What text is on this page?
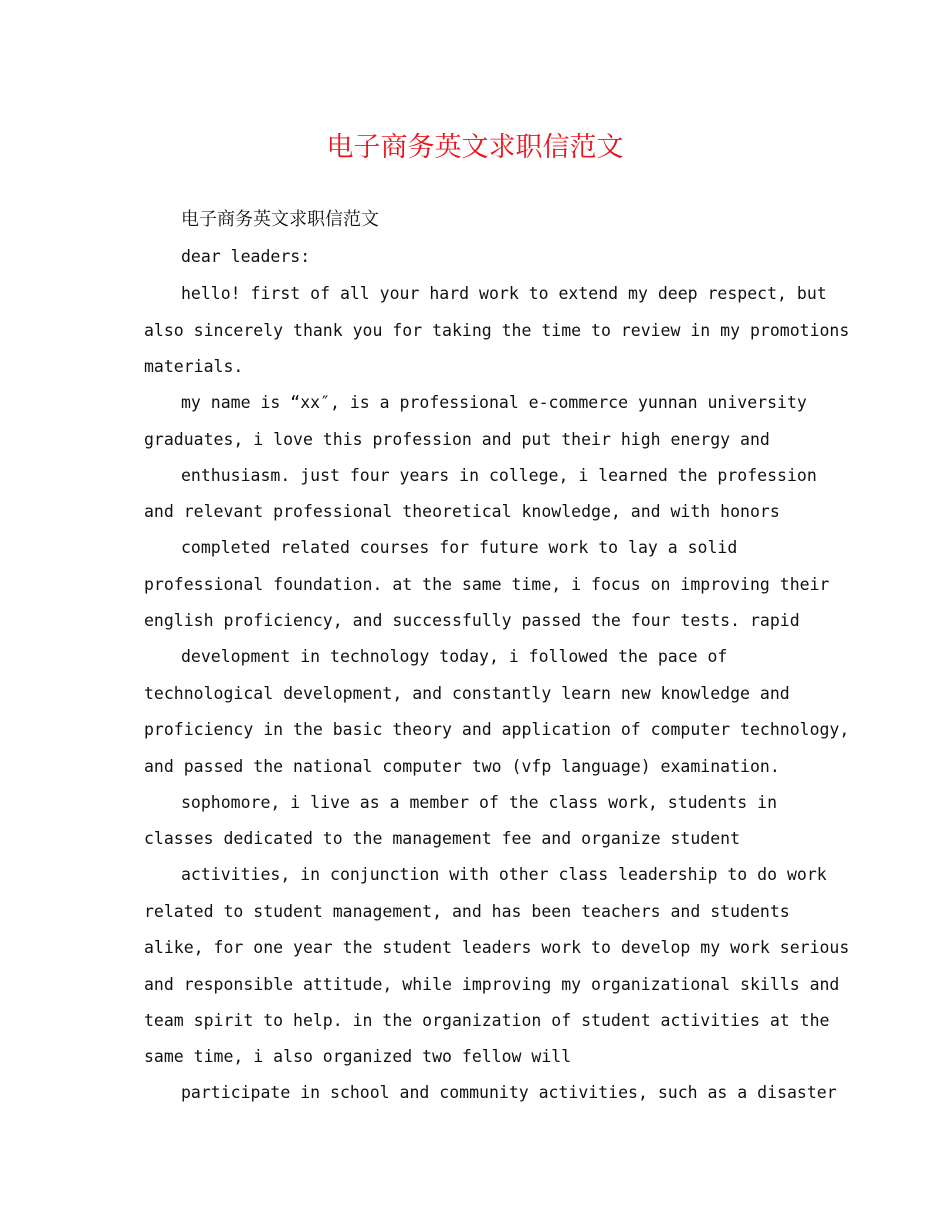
电子商务英文求职信范文

电子商务英文求职信范文

dear leaders:

hello! first of all your hard work to extend my deep respect, but

also sincerely thank you for taking the time to review in my promotions

materials.

my name is “xx″, is a professional e-commerce yunnan university

graduates, i love this profession and put their high energy and

enthusiasm. just four years in college, i learned the profession

and relevant professional theoretical knowledge, and with honors

completed related courses for future work to lay a solid

professional foundation. at the same time, i focus on improving their

english proficiency, and successfully passed the four tests. rapid

development in technology today, i followed the pace of

technological development, and constantly learn new knowledge and

proficiency in the basic theory and application of computer technology,

and passed the national computer two (vfp language) examination.

sophomore, i live as a member of the class work, students in

classes dedicated to the management fee and organize student

activities, in conjunction with other class leadership to do work

related to student management, and has been teachers and students

alike, for one year the student leaders work to develop my work serious

and responsible attitude, while improving my organizational skills and

team spirit to help. in the organization of student activities at the

same time, i also organized two fellow will

participate in school and community activities, such as a disaster
